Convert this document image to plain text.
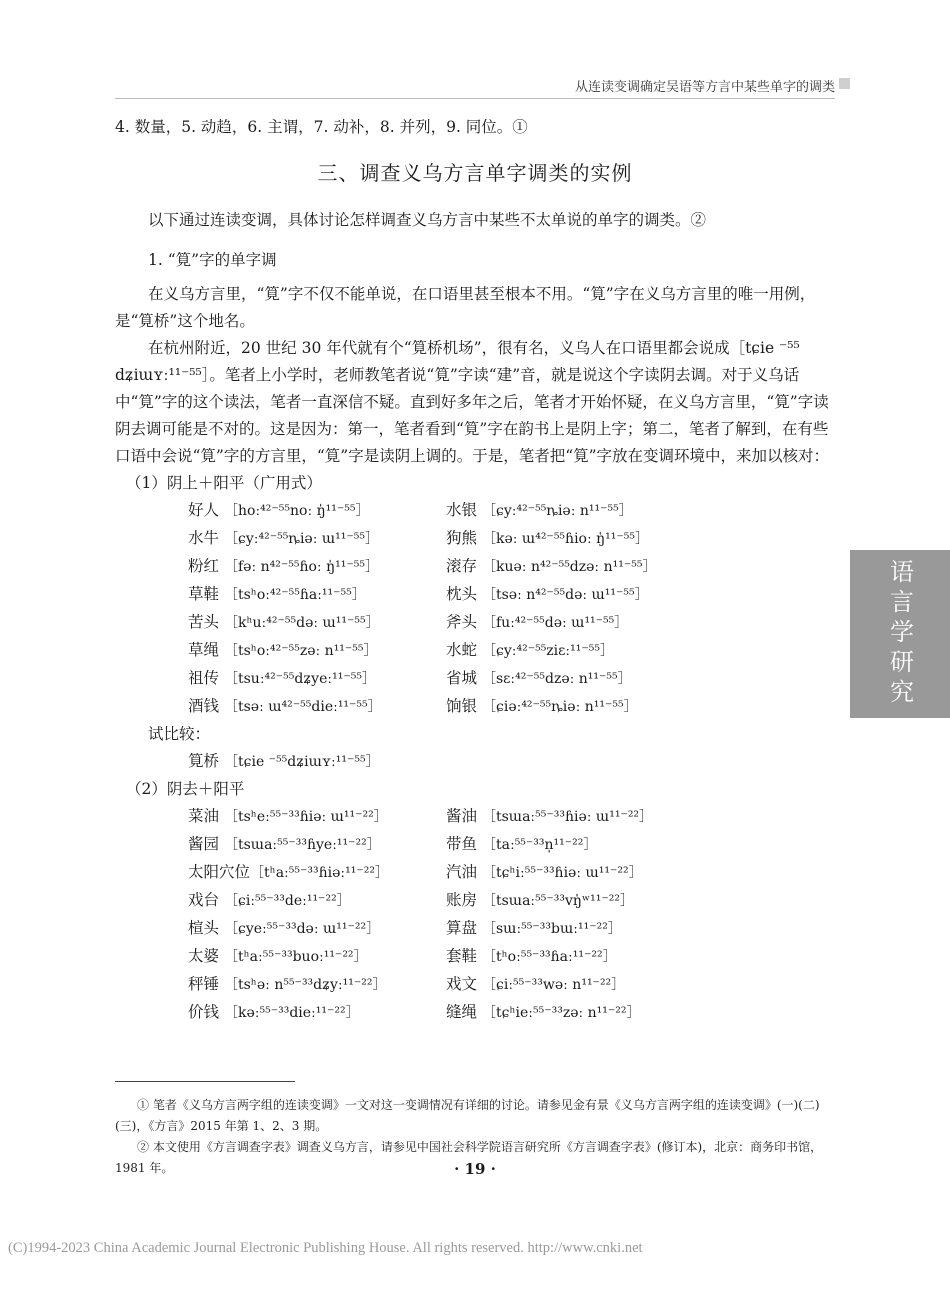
从连读变调确定吴语等方言中某些单字的调类
语言学研究

4. 数量，5. 动趋，6. 主谓，7. 动补，8. 并列，9. 同位。①

三、调查义乌方言单字调类的实例

以下通过连读变调，具体讨论怎样调查义乌方言中某些不太单说的单字的调类。②

1. “筧”字的单字调

在义乌方言里，“筧”字不仅不能单说，在口语里甚至根本不用。“筧”字在义乌方言里的唯一用例，是“筧桥”这个地名。

在杭州附近，20 世纪 30 年代就有个“筧桥机场”，很有名，义乌人在口语里都会说成［tɕie ⁻⁵⁵ dʑiɯʏː¹¹⁻⁵⁵］。笔者上小学时，老师教笔者说“筧”字读“建”音，就是说这个字读阴去调。对于义乌话中“筧”字的这个读法，笔者一直深信不疑。直到好多年之后，笔者才开始怀疑，在义乌方言里，“筧”字读阴去调可能是不对的。这是因为：第一，笔者看到“筧”字在韵书上是阴上字；第二，笔者了解到，在有些口语中会说“筧”字的方言里，“筧”字是读阴上调的。于是，笔者把“筧”字放在变调环境中，来加以核对：

（1）阴上＋阳平（广用式）

好人 ［hoː⁴²⁻⁵⁵noː ŋ̍¹¹⁻⁵⁵］	水银 ［ɕyː⁴²⁻⁵⁵ȵiəː n¹¹⁻⁵⁵］
水牛 ［ɕyː⁴²⁻⁵⁵ȵiəː ɯ¹¹⁻⁵⁵］	狗熊 ［kəː ɯ⁴²⁻⁵⁵ɦioː ŋ̍¹¹⁻⁵⁵］
粉红 ［fəː n⁴²⁻⁵⁵ɦoː ŋ̍¹¹⁻⁵⁵］	滚存 ［kuəː n⁴²⁻⁵⁵dzəː n¹¹⁻⁵⁵］
草鞋 ［tsʰoː⁴²⁻⁵⁵ɦaː¹¹⁻⁵⁵］	枕头 ［tsəː n⁴²⁻⁵⁵dəː ɯ¹¹⁻⁵⁵］
苦头 ［kʰuː⁴²⁻⁵⁵dəː ɯ¹¹⁻⁵⁵］	斧头 ［fuː⁴²⁻⁵⁵dəː ɯ¹¹⁻⁵⁵］
草绳 ［tsʰoː⁴²⁻⁵⁵zəː n¹¹⁻⁵⁵］	水蛇 ［ɕyː⁴²⁻⁵⁵ziɛː¹¹⁻⁵⁵］
祖传 ［tsuː⁴²⁻⁵⁵dʑyeː¹¹⁻⁵⁵］	省城 ［sɛː⁴²⁻⁵⁵dzəː n¹¹⁻⁵⁵］
酒钱 ［tsəː ɯ⁴²⁻⁵⁵dieː¹¹⁻⁵⁵］	饷银 ［ɕiəː⁴²⁻⁵⁵ȵiəː n¹¹⁻⁵⁵］

试比较：

筧桥 ［tɕie ⁻⁵⁵dʑiɯʏː¹¹⁻⁵⁵］

（2）阴去＋阳平

菜油 ［tsʰeː⁵⁵⁻³³ɦiəː ɯ¹¹⁻²²］	酱油 ［tsɯaː⁵⁵⁻³³ɦiəː ɯ¹¹⁻²²］
酱园 ［tsɯaː⁵⁵⁻³³ɦyeː¹¹⁻²²］	带鱼 ［taː⁵⁵⁻³³n̩¹¹⁻²²］
太阳穴位［tʰaː⁵⁵⁻³³ɦiəː¹¹⁻²²］	汽油 ［tɕʰiː⁵⁵⁻³³ɦiəː ɯ¹¹⁻²²］
戏台 ［ɕiː⁵⁵⁻³³deː¹¹⁻²²］	账房 ［tsɯaː⁵⁵⁻³³vŋ̍ʷ¹¹⁻²²］
楦头 ［ɕyeː⁵⁵⁻³³dəː ɯ¹¹⁻²²］	算盘 ［sɯː⁵⁵⁻³³bɯː¹¹⁻²²］
太婆 ［tʰaː⁵⁵⁻³³buoː¹¹⁻²²］	套鞋 ［tʰoː⁵⁵⁻³³ɦaː¹¹⁻²²］
秤锤 ［tsʰəː n⁵⁵⁻³³dʑyː¹¹⁻²²］	戏文 ［ɕiː⁵⁵⁻³³wəː n¹¹⁻²²］
价钱 ［kəː⁵⁵⁻³³dieː¹¹⁻²²］	缝绳 ［tɕʰieː⁵⁵⁻³³zəː n¹¹⁻²²］

① 笔者《义乌方言两字组的连读变调》一文对这一变调情况有详细的讨论。请参见金有景《义乌方言两字组的连读变调》(一)(二)(三)，《方言》2015 年第 1、2、3 期。

② 本文使用《方言调查字表》调查义乌方言，请参见中国社会科学院语言研究所《方言调查字表》(修订本)，北京：商务印书馆，1981 年。	· 19 ·
(C)1994-2023 China Academic Journal Electronic Publishing House. All rights reserved. http://www.cnki.net
